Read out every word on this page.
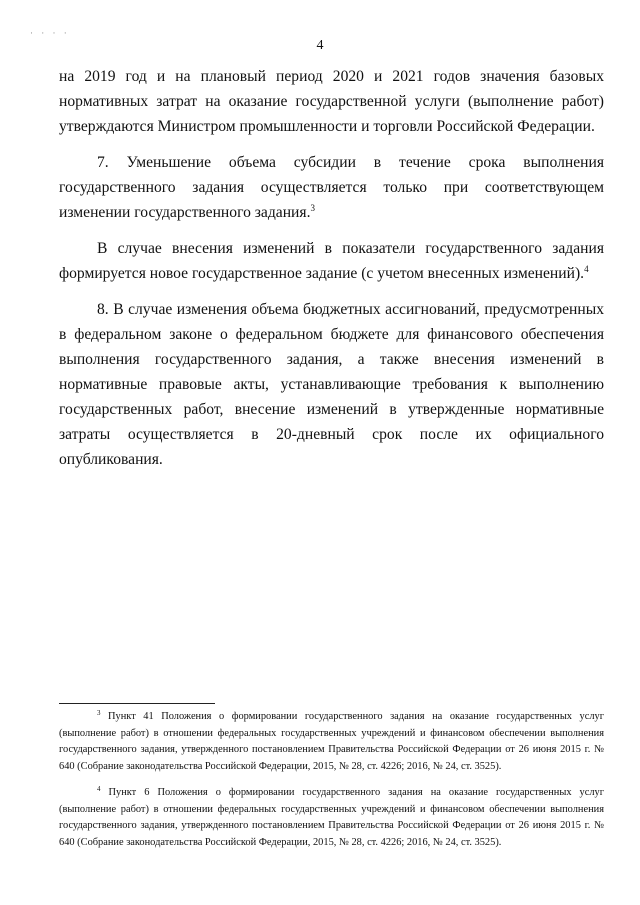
· · · ·
4

на 2019 год и на плановый период 2020 и 2021 годов значения базовых нормативных затрат на оказание государственной услуги (выполнение работ) утверждаются Министром промышленности и торговли Российской Федерации.

7.    Уменьшение    объема    субсидии    в    течение    срока    выполнения государственного задания осуществляется только при соответствующем изменении государственного задания.$^3$

В случае внесения изменений в показатели государственного задания формируется новое государственное задание (с учетом внесенных изменений).$^4$

8. В случае изменения объема бюджетных ассигнований, предусмотренных в федеральном законе о федеральном бюджете для финансового обеспечения выполнения государственного задания, а также внесения изменений в нормативные правовые акты, устанавливающие требования к выполнению государственных работ, внесение изменений в утвержденные нормативные затраты осуществляется в 20-дневный срок после их официального опубликования.

$^3$ Пункт 41 Положения о формировании государственного задания на оказание государственных услуг (выполнение работ) в отношении федеральных государственных учреждений и финансовом обеспечении выполнения государственного задания, утвержденного постановлением Правительства Российской Федерации от 26 июня 2015 г. № 640 (Собрание законодательства Российской Федерации, 2015, № 28, ст. 4226; 2016, № 24, ст. 3525).

$^4$ Пункт 6 Положения о формировании государственного задания на оказание государственных услуг (выполнение работ) в отношении федеральных государственных учреждений и финансовом обеспечении выполнения государственного задания, утвержденного постановлением Правительства Российской Федерации от 26 июня 2015 г. № 640 (Собрание законодательства Российской Федерации, 2015, № 28, ст. 4226; 2016, № 24, ст. 3525).
